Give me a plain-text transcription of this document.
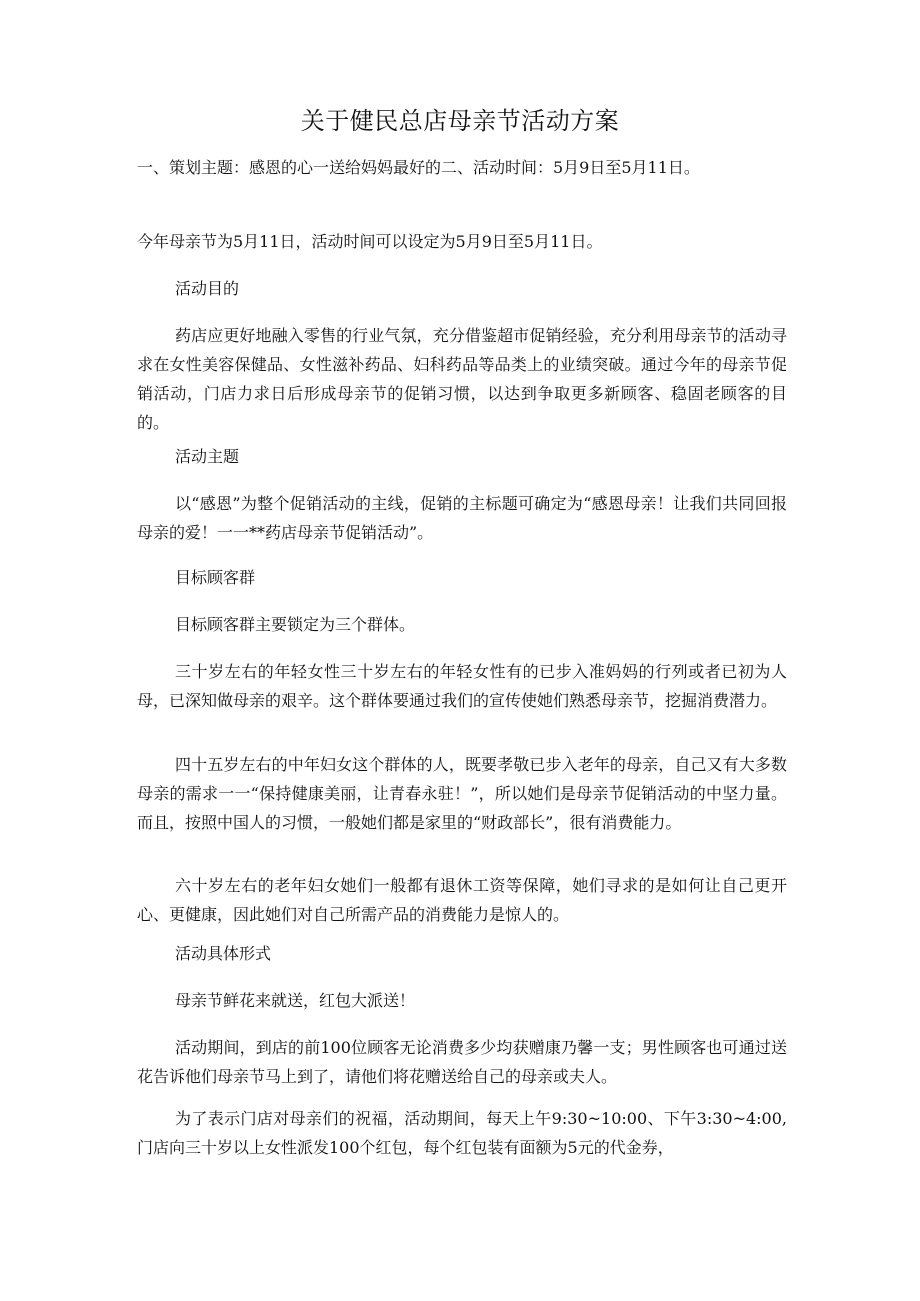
关于健民总店母亲节活动方案

一、策划主题：感恩的心一送给妈妈最好的二、活动时间：5月9日至5月11日。

今年母亲节为5月11日，活动时间可以设定为5月9日至5月11日。

活动目的

药店应更好地融入零售的行业气氛，充分借鉴超市促销经验，充分利用母亲节的活动寻求在女性美容保健品、女性滋补药品、妇科药品等品类上的业绩突破。通过今年的母亲节促销活动，门店力求日后形成母亲节的促销习惯，以达到争取更多新顾客、稳固老顾客的目的。

活动主题

以“感恩”为整个促销活动的主线，促销的主标题可确定为“感恩母亲！让我们共同回报母亲的爱！一一**药店母亲节促销活动”。

目标顾客群

目标顾客群主要锁定为三个群体。

三十岁左右的年轻女性三十岁左右的年轻女性有的已步入准妈妈的行列或者已初为人母，已深知做母亲的艰辛。这个群体要通过我们的宣传使她们熟悉母亲节，挖掘消费潜力。

四十五岁左右的中年妇女这个群体的人，既要孝敬已步入老年的母亲，自己又有大多数母亲的需求一一“保持健康美丽，让青春永驻！”，所以她们是母亲节促销活动的中坚力量。而且，按照中国人的习惯，一般她们都是家里的“财政部长”，很有消费能力。

六十岁左右的老年妇女她们一般都有退休工资等保障，她们寻求的是如何让自己更开心、更健康，因此她们对自己所需产品的消费能力是惊人的。

活动具体形式

母亲节鲜花来就送，红包大派送！

活动期间，到店的前100位顾客无论消费多少均获赠康乃馨一支；男性顾客也可通过送花告诉他们母亲节马上到了，请他们将花赠送给自己的母亲或夫人。

为了表示门店对母亲们的祝福，活动期间，每天上午9:30~10:00、下午3:30~4:00,门店向三十岁以上女性派发100个红包，每个红包装有面额为5元的代金券，
